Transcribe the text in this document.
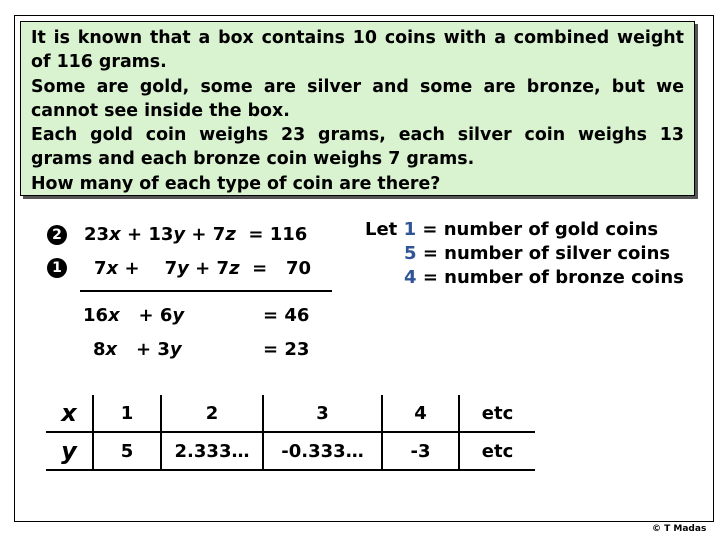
It is known that a box contains 10 coins with a combined weight

of 116 grams.

Some are gold, some are silver and some are bronze, but we

cannot see inside the box.

Each gold coin weighs 23 grams, each silver coin weighs 13

grams and each bronze coin weighs 7 grams.

How many of each type of coin are there?

2 23x + 13y + 7z = 116
1 7x + 7y + 7z = 70
16x + 6y	= 46
8x + 3y	= 23
Let 1 = number of gold coins
5 = number of silver coins
4 = number of bronze coins
x	1	2	3	4	etc
y	5	2.333…	-0.333…	-3	etc
© T Madas
